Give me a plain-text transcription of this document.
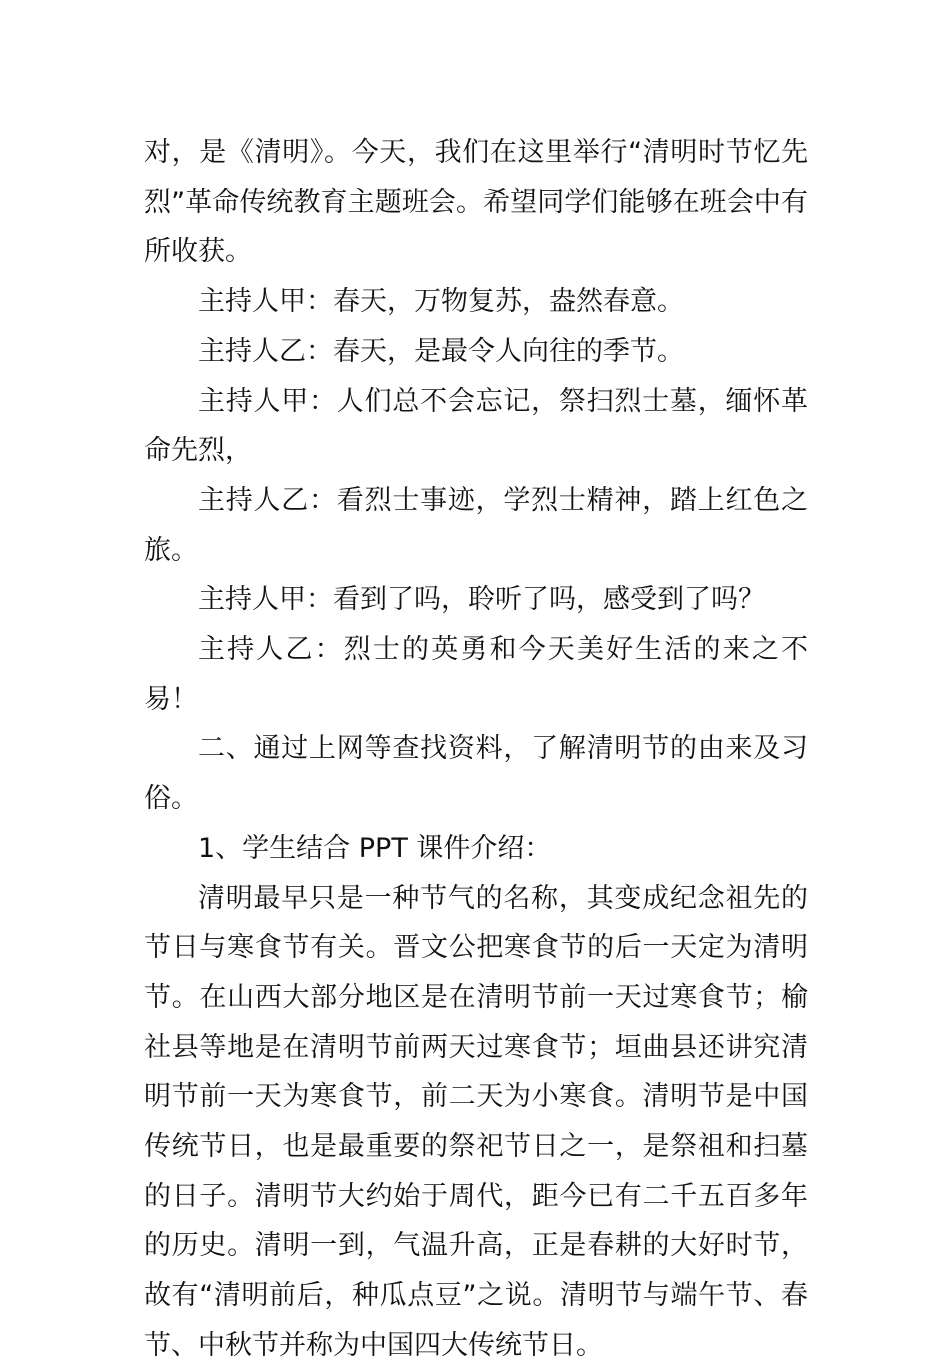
对，是《清明》。今天，我们在这里举行“清明时节忆先烈”革命传统教育主题班会。希望同学们能够在班会中有所收获。

主持人甲：春天，万物复苏，盎然春意。

主持人乙：春天，是最令人向往的季节。

主持人甲：人们总不会忘记，祭扫烈士墓，缅怀革命先烈，

主持人乙：看烈士事迹，学烈士精神，踏上红色之旅。

主持人甲：看到了吗，聆听了吗，感受到了吗？

主持人乙：烈士的英勇和今天美好生活的来之不易！

二、通过上网等查找资料，了解清明节的由来及习俗。

1、学生结合 PPT 课件介绍：

清明最早只是一种节气的名称，其变成纪念祖先的节日与寒食节有关。晋文公把寒食节的后一天定为清明节。在山西大部分地区是在清明节前一天过寒食节；榆社县等地是在清明节前两天过寒食节；垣曲县还讲究清明节前一天为寒食节，前二天为小寒食。清明节是中国传统节日，也是最重要的祭祀节日之一，是祭祖和扫墓的日子。清明节大约始于周代，距今已有二千五百多年的历史。清明一到，气温升高，正是春耕的大好时节，故有“清明前后，种瓜点豆”之说。清明节与端午节、春节、中秋节并称为中国四大传统节日。
